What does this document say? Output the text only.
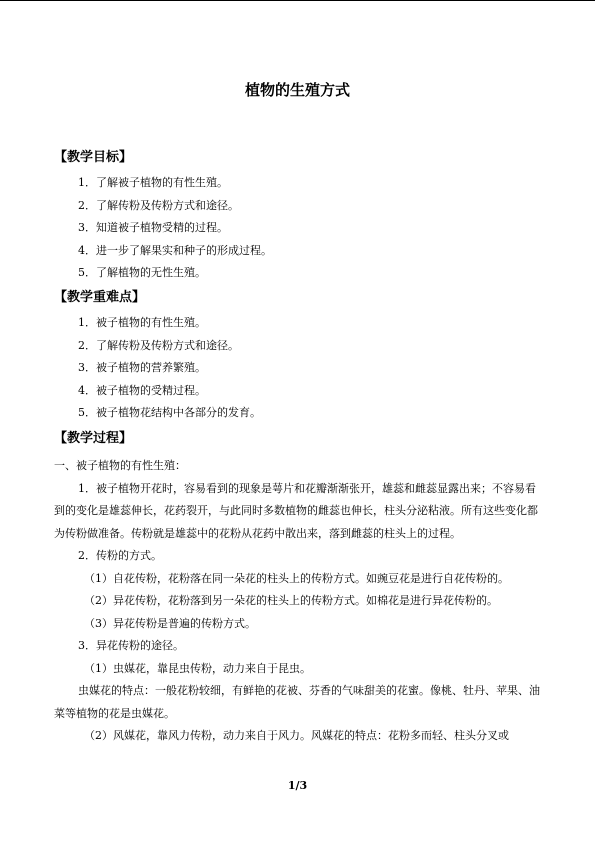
植物的生殖方式
【教学目标】
1．了解被子植物的有性生殖。
2．了解传粉及传粉方式和途径。
3．知道被子植物受精的过程。
4．进一步了解果实和种子的形成过程。
5．了解植物的无性生殖。
【教学重难点】
1．被子植物的有性生殖。
2．了解传粉及传粉方式和途径。
3．被子植物的营养繁殖。
4．被子植物的受精过程。
5．被子植物花结构中各部分的发育。
【教学过程】

一、被子植物的有性生殖：

1．被子植物开花时，容易看到的现象是萼片和花瓣渐渐张开，雄蕊和雌蕊显露出来；不容易看到的变化是雄蕊伸长，花药裂开，与此同时多数植物的雌蕊也伸长，柱头分泌粘液。所有这些变化都为传粉做准备。传粉就是雄蕊中的花粉从花药中散出来，落到雌蕊的柱头上的过程。

2．传粉的方式。

（1）自花传粉，花粉落在同一朵花的柱头上的传粉方式。如豌豆花是进行自花传粉的。

（2）异花传粉，花粉落到另一朵花的柱头上的传粉方式。如棉花是进行异花传粉的。

（3）异花传粉是普遍的传粉方式。

3．异花传粉的途径。

（1）虫媒花，靠昆虫传粉，动力来自于昆虫。

虫媒花的特点：一般花粉较细，有鲜艳的花被、芬香的气味甜美的花蜜。像桃、牡丹、苹果、油菜等植物的花是虫媒花。

（2）风媒花，靠风力传粉，动力来自于风力。风媒花的特点：花粉多而轻、柱头分叉或

1/3
